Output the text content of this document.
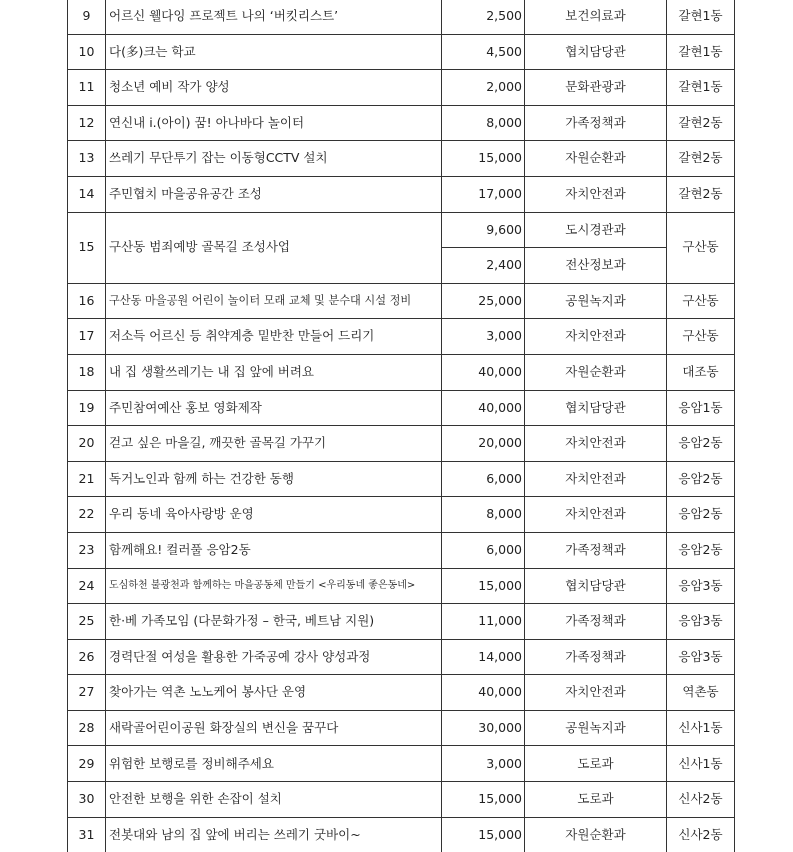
9	어르신 웰다잉 프로젝트 나의 ‘버킷리스트’	2,500	보건의료과	갈현1동
10	다(多)크는 학교	4,500	협치담당관	갈현1동
11	청소년 예비 작가 양성	2,000	문화관광과	갈현1동
12	연신내 i.(아이) 꿈! 아나바다 놀이터	8,000	가족정책과	갈현2동
13	쓰레기 무단투기 잡는 이동형CCTV 설치	15,000	자원순환과	갈현2동
14	주민협치 마을공유공간 조성	17,000	자치안전과	갈현2동
15	구산동 범죄예방 골목길 조성사업	9,600	도시경관과	구산동
		2,400	전산정보과	
16	구산동 마을공원 어린이 놀이터 모래 교체 및 분수대 시설 정비	25,000	공원녹지과	구산동
17	저소득 어르신 등 취약계층 밑반찬 만들어 드리기	3,000	자치안전과	구산동
18	내 집 생활쓰레기는 내 집 앞에 버려요	40,000	자원순환과	대조동
19	주민참여예산 홍보 영화제작	40,000	협치담당관	응암1동
20	걷고 싶은 마을길, 깨끗한 골목길 가꾸기	20,000	자치안전과	응암2동
21	독거노인과 함께 하는 건강한 동행	6,000	자치안전과	응암2동
22	우리 동네 육아사랑방 운영	8,000	자치안전과	응암2동
23	함께해요! 컬러풀 응암2동	6,000	가족정책과	응암2동
24	도심하천 불광천과 함께하는 마을공동체 만들기 <우리동네 좋은동네>	15,000	협치담당관	응암3동
25	한·베 가족모임 (다문화가정 – 한국, 베트남 지원)	11,000	가족정책과	응암3동
26	경력단절 여성을 활용한 가죽공예 강사 양성과정	14,000	가족정책과	응암3동
27	찾아가는 역촌 노노케어 봉사단 운영	40,000	자치안전과	역촌동
28	새락골어린이공원 화장실의 변신을 꿈꾸다	30,000	공원녹지과	신사1동
29	위험한 보행로를 정비해주세요	3,000	도로과	신사1동
30	안전한 보행을 위한 손잡이 설치	15,000	도로과	신사2동
31	전봇대와 남의 집 앞에 버리는 쓰레기 굿바이~	15,000	자원순환과	신사2동
